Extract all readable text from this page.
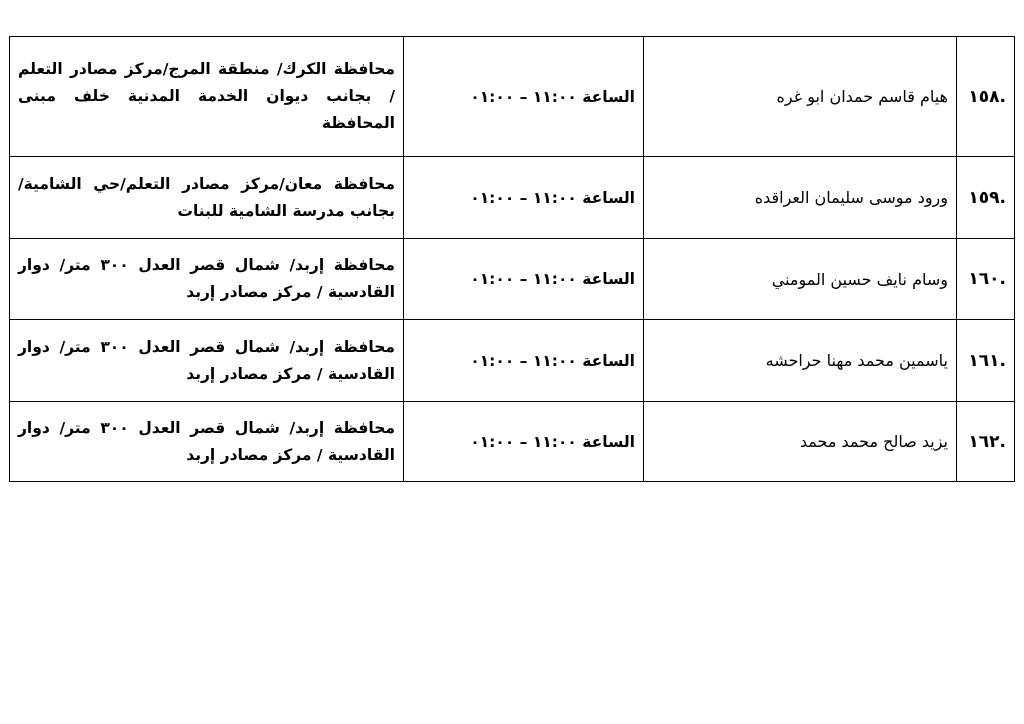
.١٥٨	هيام قاسم حمدان ابو غره	الساعة ١١:٠٠ – ٠١:٠٠	محافظة الكرك/ منطقة المرج/مركز مصادر التعلم / بجانب ديوان الخدمة المدنية خلف مبنى المحافظة
.١٥٩	ورود موسى سليمان العراقده	الساعة ١١:٠٠ – ٠١:٠٠	محافظة معان/مركز مصادر التعلم/حي الشامية/ بجانب مدرسة الشامية للبنات
.١٦٠	وسام نايف حسين المومني	الساعة ١١:٠٠ – ٠١:٠٠	محافظة إربد/ شمال قصر العدل ٣٠٠ متر/ دوار القادسية / مركز مصادر إربد
.١٦١	ياسمين محمد مهنا حراحشه	الساعة ١١:٠٠ – ٠١:٠٠	محافظة إربد/ شمال قصر العدل ٣٠٠ متر/ دوار القادسية / مركز مصادر إربد
.١٦٢	يزيد صالح محمد محمد	الساعة ١١:٠٠ – ٠١:٠٠	محافظة إربد/ شمال قصر العدل ٣٠٠ متر/ دوار القادسية / مركز مصادر إربد
